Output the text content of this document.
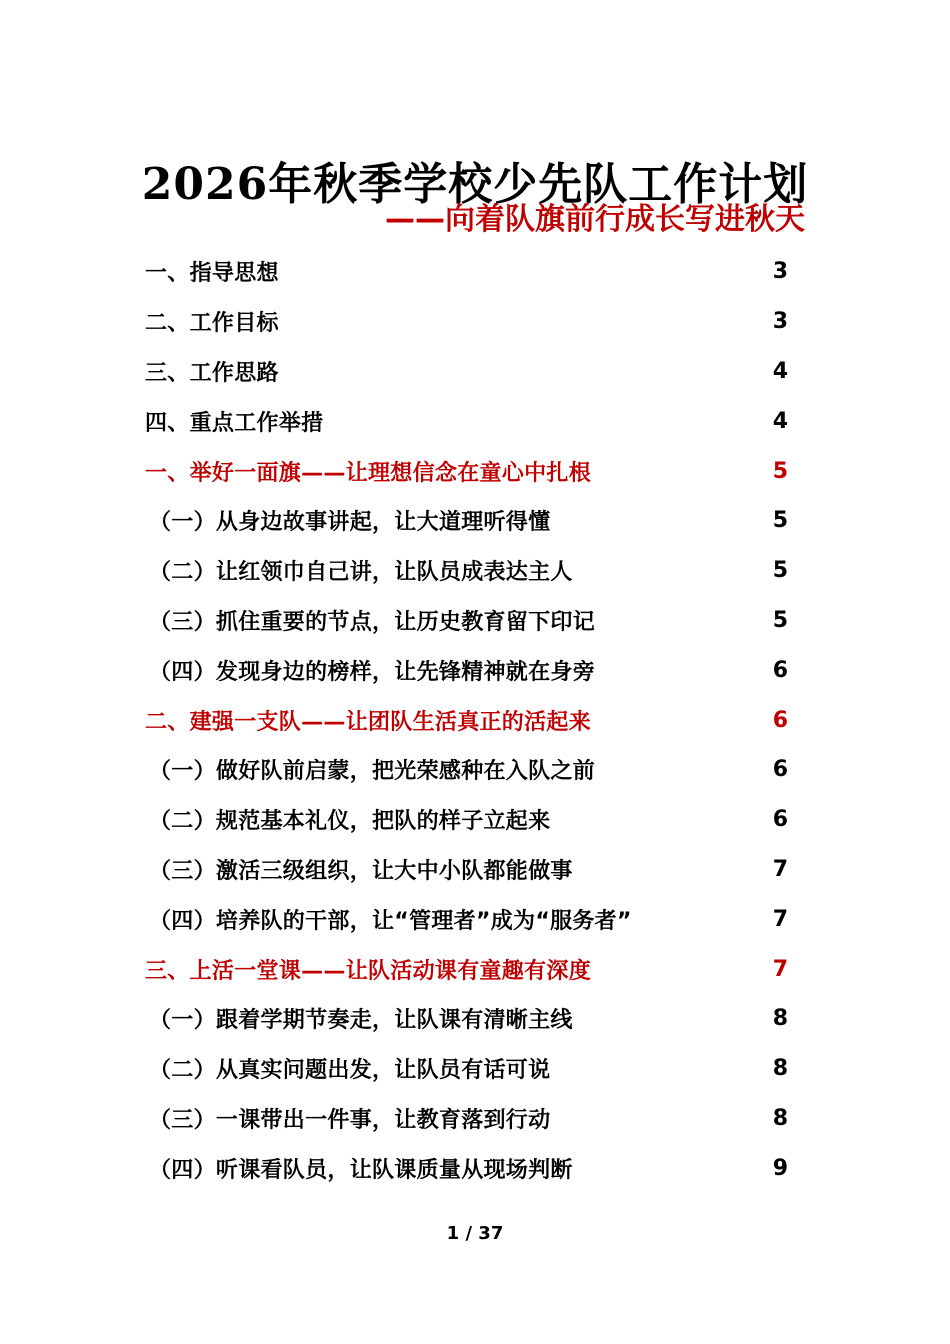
2026年秋季学校少先队工作计划
——向着队旗前行成长写进秋天
一、指导思想	3
二、工作目标	3
三、工作思路	4
四、重点工作举措	4
一、举好一面旗——让理想信念在童心中扎根	5
（一）从身边故事讲起，让大道理听得懂	5
（二）让红领巾自己讲，让队员成表达主人	5
（三）抓住重要的节点，让历史教育留下印记	5
（四）发现身边的榜样，让先锋精神就在身旁	6
二、建强一支队——让团队生活真正的活起来	6
（一）做好队前启蒙，把光荣感种在入队之前	6
（二）规范基本礼仪，把队的样子立起来	6
（三）激活三级组织，让大中小队都能做事	7
（四）培养队的干部，让“管理者”成为“服务者”	7
三、上活一堂课——让队活动课有童趣有深度	7
（一）跟着学期节奏走，让队课有清晰主线	8
（二）从真实问题出发，让队员有话可说	8
（三）一课带出一件事，让教育落到行动	8
（四）听课看队员，让队课质量从现场判断	9
1 / 37
